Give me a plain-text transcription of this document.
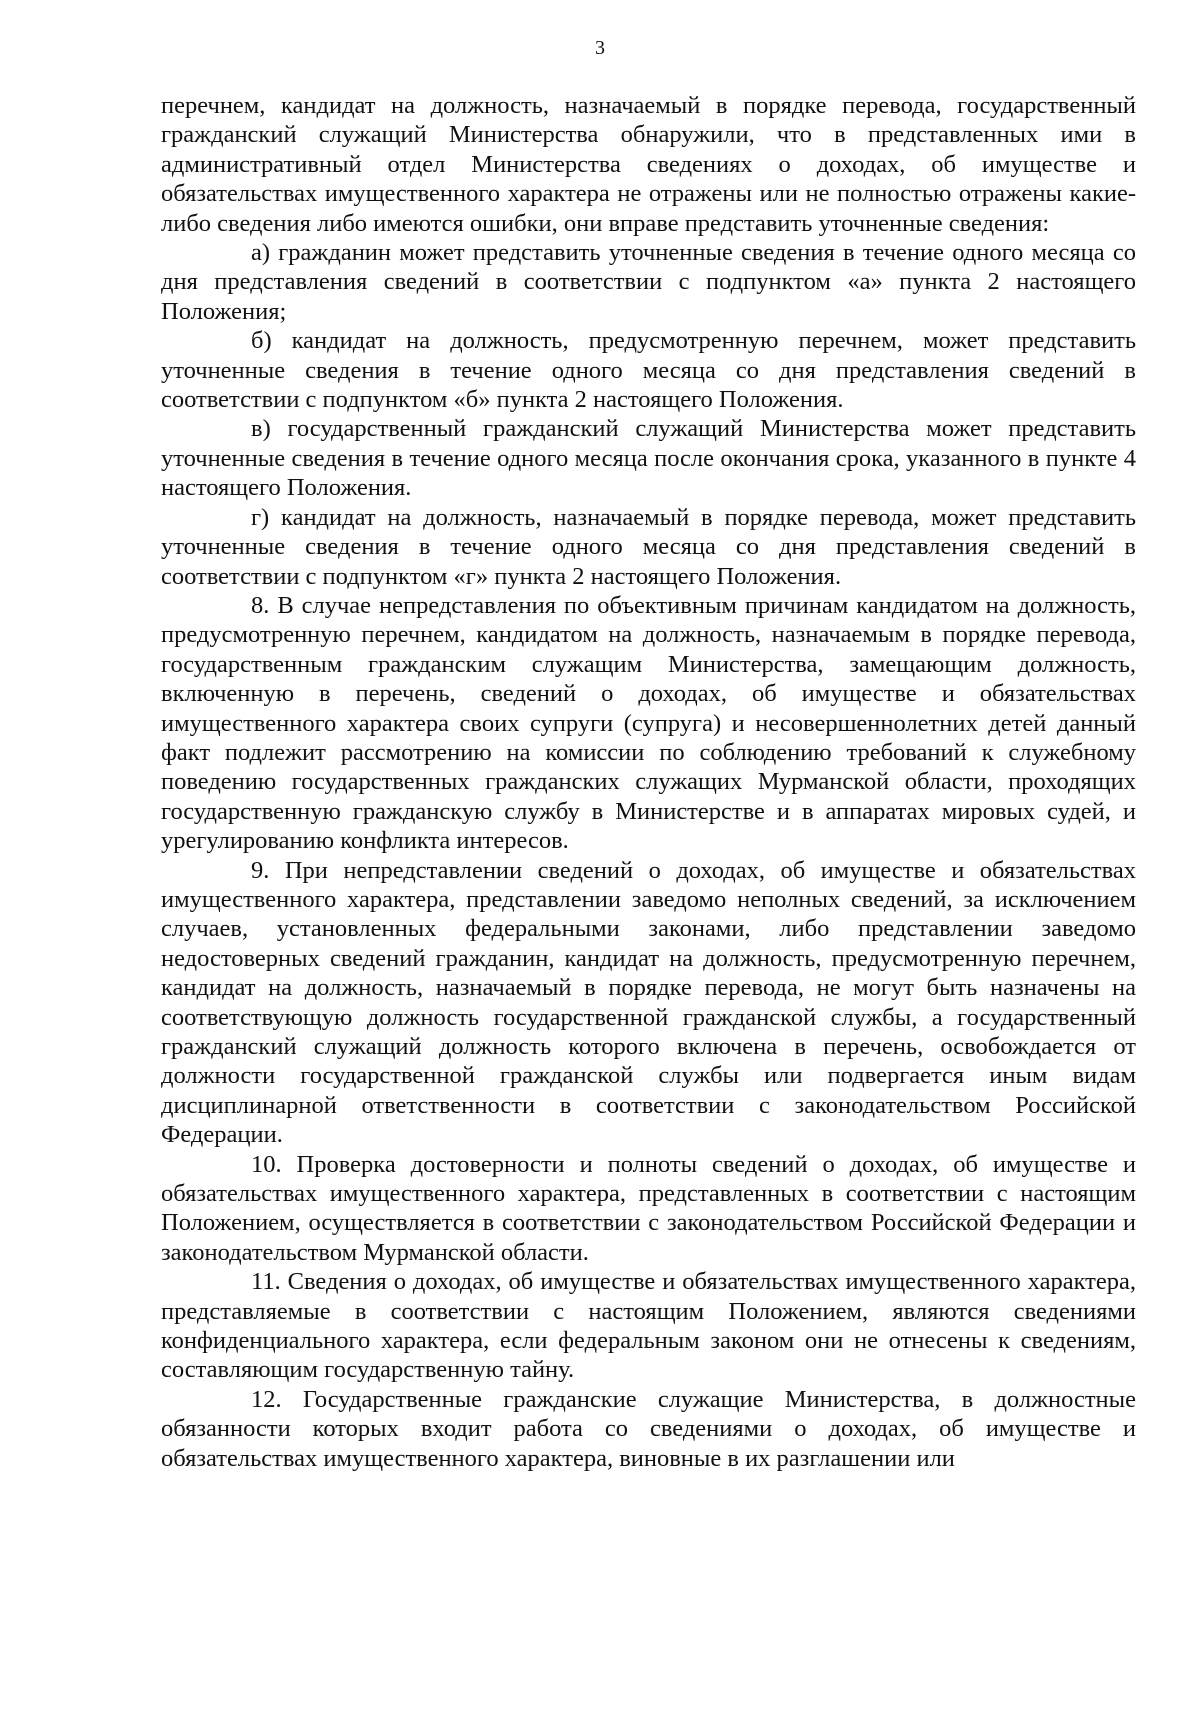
3

перечнем, кандидат на должность, назначаемый в порядке перевода, государственный гражданский служащий Министерства обнаружили, что в представленных ими в административный отдел Министерства сведениях о доходах, об имуществе и обязательствах имущественного характера не отражены или не полностью отражены какие-либо сведения либо имеются ошибки, они вправе представить уточненные сведения:

а) гражданин может представить уточненные сведения в течение одного месяца со дня представления сведений в соответствии с подпунктом «а» пункта 2 настоящего Положения;

б) кандидат на должность, предусмотренную перечнем, может представить уточненные сведения в течение одного месяца со дня представления сведений в соответствии с подпунктом «б» пункта 2 настоящего Положения.

в) государственный гражданский служащий Министерства может представить уточненные сведения в течение одного месяца после окончания срока, указанного в пункте 4 настоящего Положения.

г) кандидат на должность, назначаемый в порядке перевода, может представить уточненные сведения в течение одного месяца со дня представления сведений в соответствии с подпунктом «г» пункта 2 настоящего Положения.

8. В случае непредставления по объективным причинам кандидатом на должность, предусмотренную перечнем, кандидатом на должность, назначаемым в порядке перевода, государственным гражданским служащим Министерства, замещающим должность, включенную в перечень, сведений о доходах, об имуществе и обязательствах имущественного характера своих супруги (супруга) и несовершеннолетних детей данный факт подлежит рассмотрению на комиссии по соблюдению требований к служебному поведению государственных гражданских служащих Мурманской области, проходящих государственную гражданскую службу в Министерстве и в аппаратах мировых судей, и урегулированию конфликта интересов.

9. При непредставлении сведений о доходах, об имуществе и обязательствах имущественного характера, представлении заведомо неполных сведений, за исключением случаев, установленных федеральными законами, либо представлении заведомо недостоверных сведений гражданин, кандидат на должность, предусмотренную перечнем, кандидат на должность, назначаемый в порядке перевода, не могут быть назначены на соответствующую должность государственной гражданской службы, а государственный гражданский служащий должность которого включена в перечень, освобождается от должности государственной гражданской службы или подвергается иным видам дисциплинарной ответственности в соответствии с законодательством Российской Федерации.

10. Проверка достоверности и полноты сведений о доходах, об имуществе и обязательствах имущественного характера, представленных в соответствии с настоящим Положением, осуществляется в соответствии с законодательством Российской Федерации и законодательством Мурманской области.

11. Сведения о доходах, об имуществе и обязательствах имущественного характера, представляемые в соответствии с настоящим Положением, являются сведениями конфиденциального характера, если федеральным законом они не отнесены к сведениям, составляющим государственную тайну.

12. Государственные гражданские служащие Министерства, в должностные обязанности которых входит работа со сведениями о доходах, об имуществе и обязательствах имущественного характера, виновные в их разглашении или
